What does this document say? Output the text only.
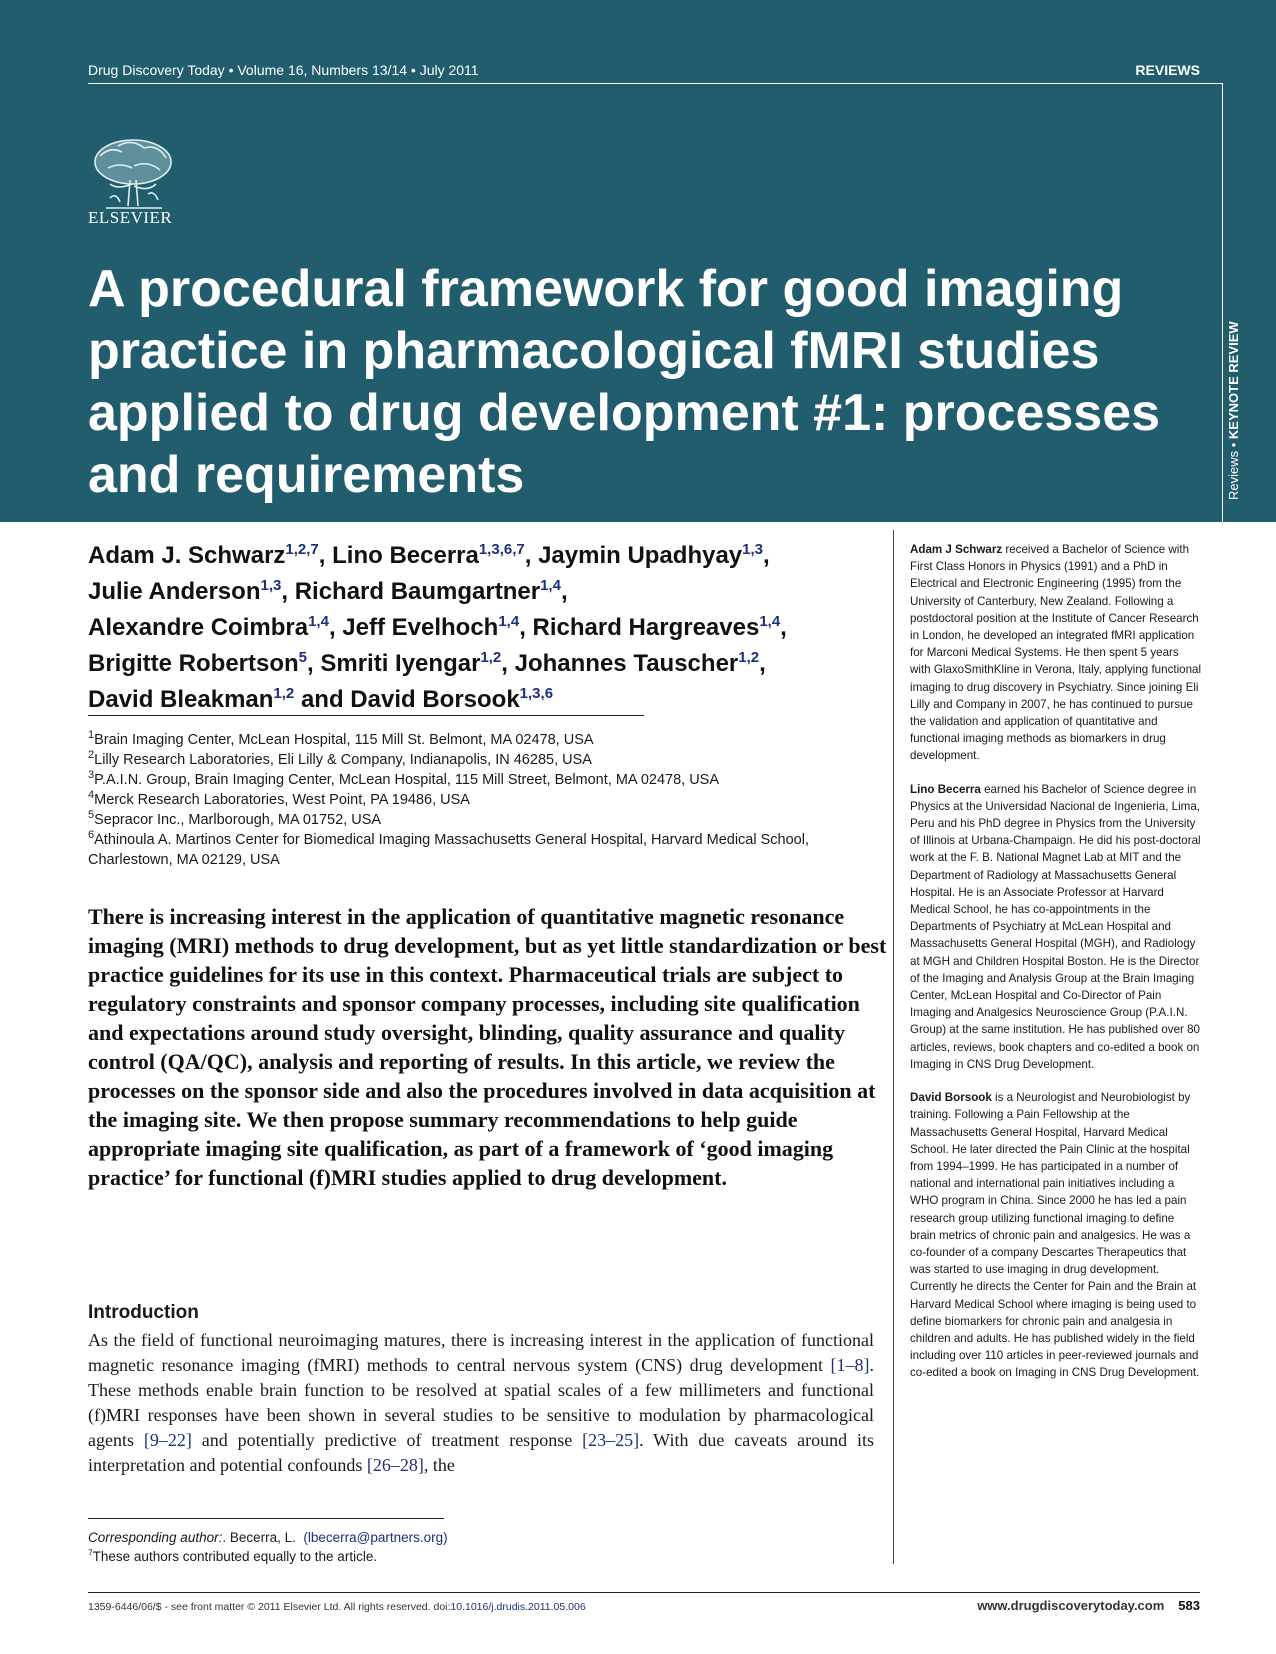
Drug Discovery Today • Volume 16, Numbers 13/14 • July 2011	REVIEWS
ELSEVIER
A procedural framework for good imaging practice in pharmacological fMRI studies applied to drug development #1: processes and requirements	Reviews • KEYNOTE REVIEW
Adam J. Schwarz$^{1,2,7}$, Lino Becerra$^{1,3,6,7}$, Jaymin Upadhyay$^{1,3}$,
Julie Anderson$^{1,3}$, Richard Baumgartner$^{1,4}$,
Alexandre Coimbra$^{1,4}$, Jeff Evelhoch$^{1,4}$, Richard Hargreaves$^{1,4}$,
Brigitte Robertson$^5$, Smriti Iyengar$^{1,2}$, Johannes Tauscher$^{1,2}$,
David Bleakman$^{1,2}$ and David Borsook$^{1,3,6}$

$^1$Brain Imaging Center, McLean Hospital, 115 Mill St. Belmont, MA 02478, USA

$^2$Lilly Research Laboratories, Eli Lilly & Company, Indianapolis, IN 46285, USA

$^3$P.A.I.N. Group, Brain Imaging Center, McLean Hospital, 115 Mill Street, Belmont, MA 02478, USA

$^4$Merck Research Laboratories, West Point, PA 19486, USA

$^5$Sepracor Inc., Marlborough, MA 01752, USA

$^6$Athinoula A. Martinos Center for Biomedical Imaging Massachusetts General Hospital, Harvard Medical School, Charlestown, MA 02129, USA

There is increasing interest in the application of quantitative magnetic resonance imaging (MRI) methods to drug development, but as yet little standardization or best practice guidelines for its use in this context. Pharmaceutical trials are subject to regulatory constraints and sponsor company processes, including site qualification and expectations around study oversight, blinding, quality assurance and quality control (QA/QC), analysis and reporting of results. In this article, we review the processes on the sponsor side and also the procedures involved in data acquisition at the imaging site. We then propose summary recommendations to help guide appropriate imaging site qualification, as part of a framework of ‘good imaging practice’ for functional (f)MRI studies applied to drug development.

Introduction

As the field of functional neuroimaging matures, there is increasing interest in the application of functional magnetic resonance imaging (fMRI) methods to central nervous system (CNS) drug development [1–8]. These methods enable brain function to be resolved at spatial scales of a few millimeters and functional (f)MRI responses have been shown in several studies to be sensitive to modulation by pharmacological agents [9–22] and potentially predictive of treatment response [23–25]. With due caveats around its interpretation and potential confounds [26–28], the

Adam J Schwarz received a Bachelor of Science with First Class Honors in Physics (1991) and a PhD in Electrical and Electronic Engineering (1995) from the University of Canterbury, New Zealand. Following a postdoctoral position at the Institute of Cancer Research in London, he developed an integrated fMRI application for Marconi Medical Systems. He then spent 5 years with GlaxoSmithKline in Verona, Italy, applying functional imaging to drug discovery in Psychiatry. Since joining Eli Lilly and Company in 2007, he has continued to pursue the validation and application of quantitative and functional imaging methods as biomarkers in drug development.

Lino Becerra earned his Bachelor of Science degree in Physics at the Universidad Nacional de Ingenieria, Lima, Peru and his PhD degree in Physics from the University of Illinois at Urbana-Champaign. He did his post-doctoral work at the F. B. National Magnet Lab at MIT and the Department of Radiology at Massachusetts General Hospital. He is an Associate Professor at Harvard Medical School, he has co-appointments in the Departments of Psychiatry at McLean Hospital and Massachusetts General Hospital (MGH), and Radiology at MGH and Children Hospital Boston. He is the Director of the Imaging and Analysis Group at the Brain Imaging Center, McLean Hospital and Co-Director of Pain Imaging and Analgesics Neuroscience Group (P.A.I.N. Group) at the same institution. He has published over 80 articles, reviews, book chapters and co-edited a book on Imaging in CNS Drug Development.

David Borsook is a Neurologist and Neurobiologist by training. Following a Pain Fellowship at the Massachusetts General Hospital, Harvard Medical School. He later directed the Pain Clinic at the hospital from 1994–1999. He has participated in a number of national and international pain initiatives including a WHO program in China. Since 2000 he has led a pain research group utilizing functional imaging to define brain metrics of chronic pain and analgesics. He was a co-founder of a company Descartes Therapeutics that was started to use imaging in drug development. Currently he directs the Center for Pain and the Brain at Harvard Medical School where imaging is being used to define biomarkers for chronic pain and analgesia in children and adults. He has published widely in the field including over 110 articles in peer-reviewed journals and co-edited a book on Imaging in CNS Drug Development.

Corresponding author:. Becerra, L. (lbecerra@partners.org)

$^7$These authors contributed equally to the article.

1359-6446/06/$ - see front matter © 2011 Elsevier Ltd. All rights reserved. doi:10.1016/j.drudis.2011.05.006	www.drugdiscoverytoday.com 583
